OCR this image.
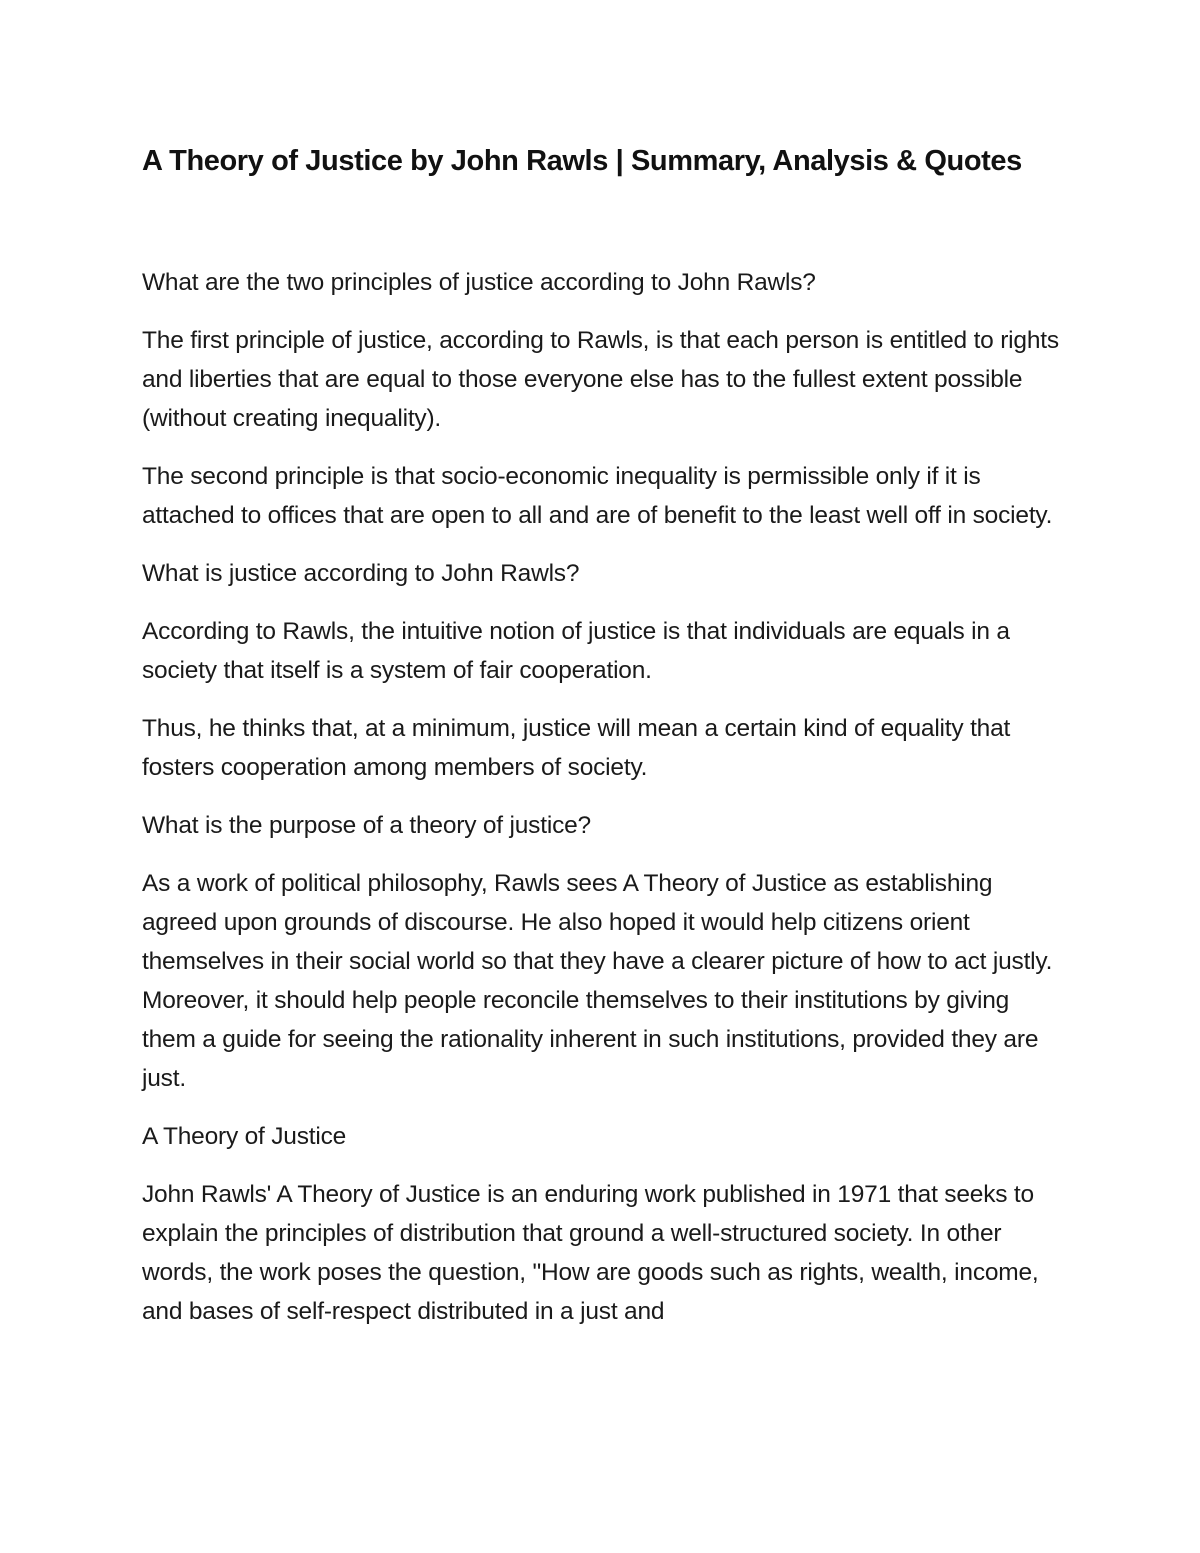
A Theory of Justice by John Rawls | Summary, Analysis & Quotes

What are the two principles of justice according to John Rawls?

The first principle of justice, according to Rawls, is that each person is entitled to rights and liberties that are equal to those everyone else has to the fullest extent possible (without creating inequality).

The second principle is that socio-economic inequality is permissible only if it is attached to offices that are open to all and are of benefit to the least well off in society.

What is justice according to John Rawls?

According to Rawls, the intuitive notion of justice is that individuals are equals in a society that itself is a system of fair cooperation.

Thus, he thinks that, at a minimum, justice will mean a certain kind of equality that fosters cooperation among members of society.

What is the purpose of a theory of justice?

As a work of political philosophy, Rawls sees A Theory of Justice as establishing agreed upon grounds of discourse. He also hoped it would help citizens orient themselves in their social world so that they have a clearer picture of how to act justly. Moreover, it should help people reconcile themselves to their institutions by giving them a guide for seeing the rationality inherent in such institutions, provided they are just.

A Theory of Justice

John Rawls' A Theory of Justice is an enduring work published in 1971 that seeks to explain the principles of distribution that ground a well-structured society. In other words, the work poses the question, "How are goods such as rights, wealth, income, and bases of self-respect distributed in a just and
